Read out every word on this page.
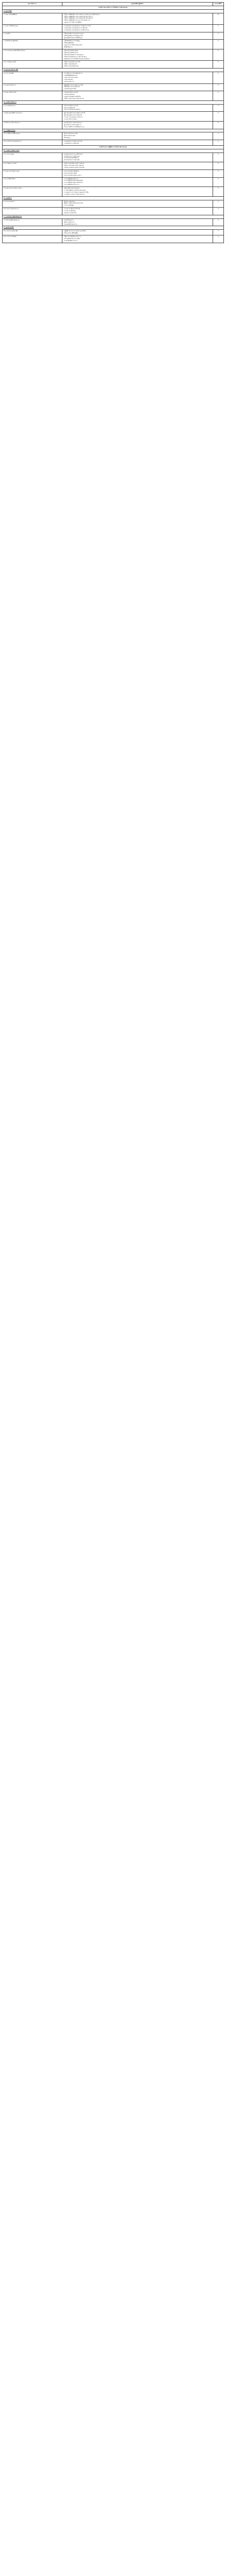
ผลงานวิชาการ	คุณสมบัติของผู้สมัคร	คะแนนที่ได้
ส่วนที่ 1 ผลงานวิชาการ (ไม่น้อยกว่า 60 คะแนน)		
1. ผลงานวิจัย		
1.1 ผลงานวิจัยที่ตีพิมพ์	- ได้รับการตีพิมพ์ในวารสารระดับนานาชาติ (ฐาน ISI/Scopus)
- ได้รับการตีพิมพ์ในวารสารระดับชาติ (TCI กลุ่ม 1)
- ได้รับการตีพิมพ์ในวารสารระดับชาติ (TCI กลุ่ม 2)
- ได้รับการตีพิมพ์ในรายงานการประชุมวิชาการ
- อยู่ระหว่างการพิจารณาตีพิมพ์	10
1.2 ผลงานวิจัยที่นำเสนอ	- นำเสนอในการประชุมวิชาการระดับนานาชาติ
- นำเสนอในการประชุมวิชาการระดับชาติ
- นำเสนอในการประชุมวิชาการระดับสถาบัน	5
1.3 ทุนวิจัย	- ได้รับทุนวิจัยจากแหล่งทุนภายนอก
- ได้รับทุนวิจัยจากแหล่งทุนภายใน
- ผู้ร่วมวิจัยในโครงการที่ได้รับทุน	5
1.4 สิทธิบัตร/อนุสิทธิบัตร	- ได้รับสิทธิบัตรการประดิษฐ์
- ได้รับอนุสิทธิบัตร
- อยู่ระหว่างการยื่นขอจดทะเบียน
- ลิขสิทธิ์ผลงาน	5
1.5 การนำผลงานวิจัยไปใช้ประโยชน์	- ใช้ประโยชน์เชิงพาณิชย์
- ใช้ประโยชน์เชิงนโยบาย
- ใช้ประโยชน์เชิงสาธารณะ/ชุมชน
- ใช้ประโยชน์เชิงวิชาการ (มีการอ้างอิง)
- มีหลักฐานการนำไปใช้ประโยชน์อย่างชัดเจน	5
1.6 รางวัลผลงานวิจัย	- ได้รับรางวัลระดับนานาชาติ
- ได้รับรางวัลระดับชาติ
- ได้รับรางวัลระดับสถาบัน	5
2. ผลงานทางวิชาการอื่น		
2.1 ตำรา/หนังสือ	- ตำราที่ผ่านการประเมินคุณภาพ
- หนังสือที่ตีพิมพ์เผยแพร่
- เอกสารประกอบการสอน
- เอกสารคำสอน
- บทความวิชาการ	5
2.2 บทความวิชาการ	- ตีพิมพ์ในวารสารระดับนานาชาติ
- ตีพิมพ์ในวารสารระดับชาติ
- เผยแพร่ในรูปแบบอื่น	5
2.3 ผลงานสร้างสรรค์	- เผยแพร่ระดับนานาชาติ
- เผยแพร่ระดับชาติ
- เผยแพร่ระดับภูมิภาค/ท้องถิ่น
- ได้รับรางวัลจากผลงานสร้างสรรค์	5
3. การบริการวิชาการ		
3.1 การเป็นวิทยากร	- วิทยากรระดับนานาชาติ
- วิทยากรระดับชาติ
- วิทยากรระดับสถาบัน/ชุมชน	5
3.2 ผู้ทรงคุณวุฒิพิจารณาผลงาน	- ผู้ทรงคุณวุฒิวารสารระดับนานาชาติ
- ผู้ทรงคุณวุฒิวารสารระดับชาติ
- กรรมการประเมินผลงานวิชาการ
- กรรมการวิชาการอื่น ๆ	5
3.3 โครงการบริการวิชาการ	- หัวหน้าโครงการบริการวิชาการ
- ผู้ร่วมโครงการบริการวิชาการ
- โครงการที่สร้างรายได้ให้หน่วยงาน	5
4. การพัฒนาตนเอง		
4.1 การฝึกอบรม/ศึกษาดูงาน	- ฝึกอบรมในต่างประเทศ
- ฝึกอบรมในประเทศ
- ศึกษาดูงาน	3
4.2 การเข้าร่วมประชุมวิชาการ	- ประชุมวิชาการระดับนานาชาติ
- ประชุมวิชาการระดับชาติ	2
ส่วนที่ 2 ผลการปฏิบัติงาน (ไม่เกิน 40 คะแนน)		
5. การจัดการเรียนการสอน		
5.1 ภาระงานสอน	- สอนครบตามภาระงานที่กำหนด
- สอนเกินภาระงานที่กำหนด
- สอนในระดับบัณฑิตศึกษา
- สอนร่วมกับอาจารย์ท่านอื่น	5
5.2 การพัฒนารายวิชา	- จัดทำรายละเอียดรายวิชา (มคอ.3)
- จัดทำรายงานผลรายวิชา (มคอ.5)
- ปรับปรุงรายวิชาตามผลการประเมิน	5
5.3 ผลการประเมินการสอน	- ผลการประเมินระดับดีมาก
- ผลการประเมินระดับดี
- ผลการประเมินระดับปานกลาง	5
5.4 การให้คำปรึกษา	- อาจารย์ที่ปรึกษาวิชาการ
- อาจารย์ที่ปรึกษาวิทยานิพนธ์หลัก
- อาจารย์ที่ปรึกษาวิทยานิพนธ์ร่วม
- อาจารย์ที่ปรึกษาโครงงาน	5
5.5 นวัตกรรมการเรียนการสอน	- พัฒนาสื่อการสอนออนไลน์
- การเรียนรู้เชิงรุก (Active Learning)
- การบูรณาการการเรียนการสอนกับการวิจัย
- การบูรณาการกับการบริการวิชาการ	5
6. งานบริหาร		
6.1 ตำแหน่งบริหาร	- ผู้บริหารระดับคณะ
- ผู้บริหารระดับภาควิชา/สาขาวิชา
- ประธานหลักสูตร	5
6.2 กรรมการ/คณะทำงาน	- กรรมการระดับมหาวิทยาลัย
- กรรมการระดับคณะ
- คณะทำงานเฉพาะกิจ	3
7. การทำนุบำรุงศิลปวัฒนธรรม		
7.1 กิจกรรมศิลปวัฒนธรรม	- หัวหน้าโครงการ
- ผู้เข้าร่วมโครงการ
- เผยแพร่ศิลปวัฒนธรรม	2
8. คุณลักษณะอื่น		
8.1 จรรยาบรรณวิชาชีพ	- ปฏิบัติตามจรรยาบรรณอย่างเคร่งครัด
- เป็นแบบอย่างที่ดีแก่ผู้อื่น	3
8.2 การทำงานเป็นทีม	- ให้ความร่วมมือในการทำงาน
- สร้างเครือข่ายความร่วมมือ
- ช่วยเหลือเพื่อนร่วมงาน	2
